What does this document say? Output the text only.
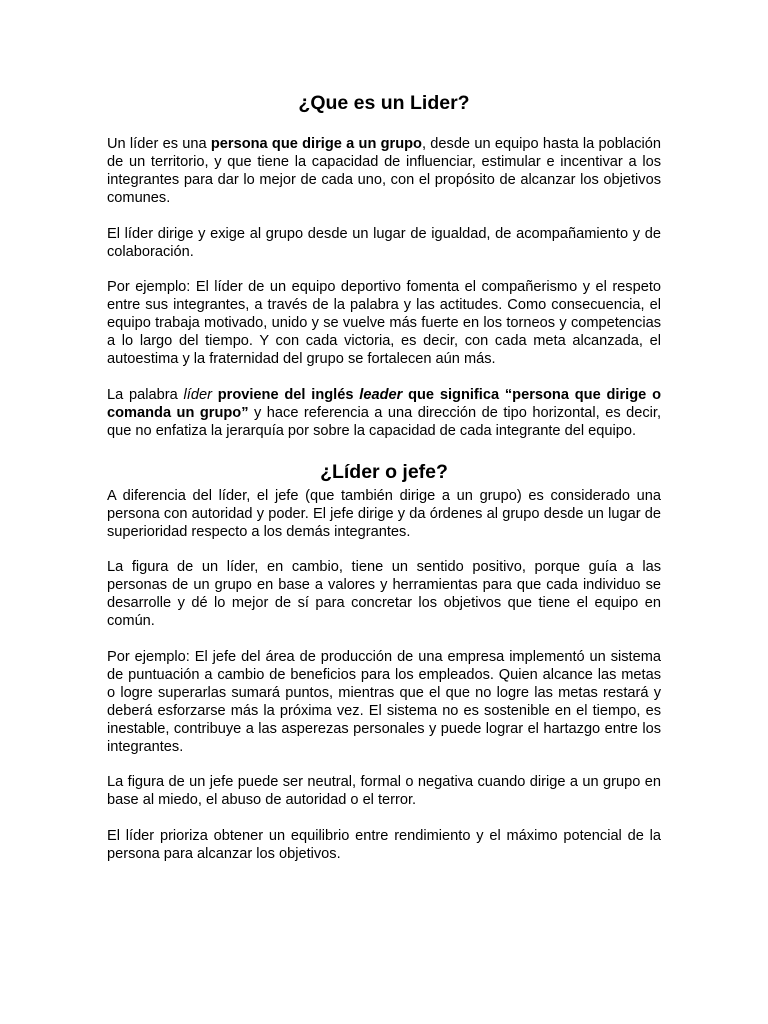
¿Que es un Lider?

Un líder es una persona que dirige a un grupo, desde un equipo hasta la población de un territorio, y que tiene la capacidad de influenciar, estimular e incentivar a los integrantes para dar lo mejor de cada uno, con el propósito de alcanzar los objetivos comunes.

El líder dirige y exige al grupo desde un lugar de igualdad, de acompañamiento y de colaboración.

Por ejemplo: El líder de un equipo deportivo fomenta el compañerismo y el respeto entre sus integrantes, a través de la palabra y las actitudes. Como consecuencia, el equipo trabaja motivado, unido y se vuelve más fuerte en los torneos y competencias a lo largo del tiempo. Y con cada victoria, es decir, con cada meta alcanzada, el autoestima y la fraternidad del grupo se fortalecen aún más.

La palabra líder proviene del inglés leader que significa “persona que dirige o comanda un grupo” y hace referencia a una dirección de tipo horizontal, es decir, que no enfatiza la jerarquía por sobre la capacidad de cada integrante del equipo.

¿Líder o jefe?

A diferencia del líder, el jefe (que también dirige a un grupo) es considerado una persona con autoridad y poder. El jefe dirige y da órdenes al grupo desde un lugar de superioridad respecto a los demás integrantes.

La figura de un líder, en cambio, tiene un sentido positivo, porque guía a las personas de un grupo en base a valores y herramientas para que cada individuo se desarrolle y dé lo mejor de sí para concretar los objetivos que tiene el equipo en común.

Por ejemplo: El jefe del área de producción de una empresa implementó un sistema de puntuación a cambio de beneficios para los empleados. Quien alcance las metas o logre superarlas sumará puntos, mientras que el que no logre las metas restará y deberá esforzarse más la próxima vez. El sistema no es sostenible en el tiempo, es inestable, contribuye a las asperezas personales y puede lograr el hartazgo entre los integrantes.

La figura de un jefe puede ser neutral, formal o negativa cuando dirige a un grupo en base al miedo, el abuso de autoridad o el terror.

El líder prioriza obtener un equilibrio entre rendimiento y el máximo potencial de la persona para alcanzar los objetivos.
